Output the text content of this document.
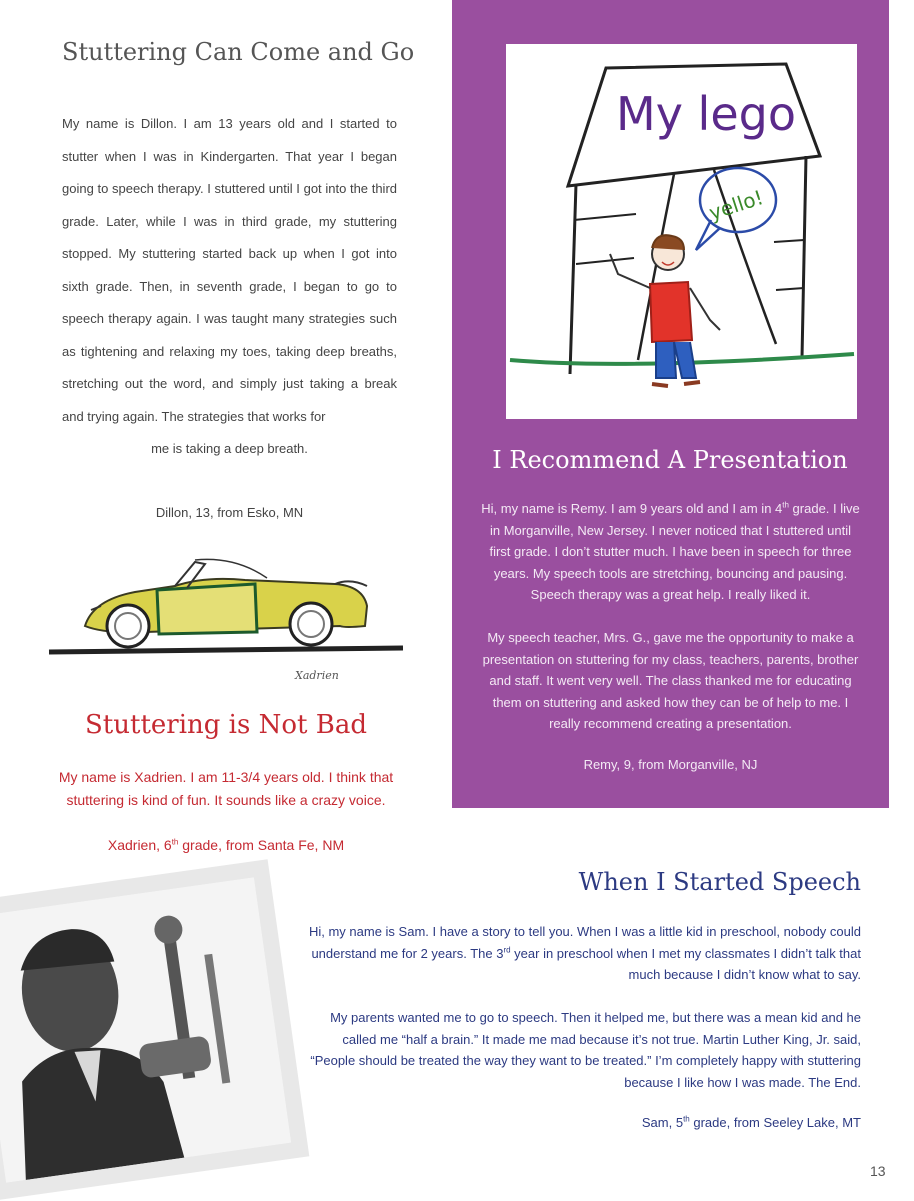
Stuttering Can Come and Go

My name is Dillon. I am 13 years old and I started to stutter when I was in Kindergarten. That year I began going to speech therapy. I stuttered until I got into the third grade. Later, while I was in third grade, my stuttering stopped. My stuttering started back up when I got into sixth grade. Then, in seventh grade, I began to go to speech therapy again. I was taught many strategies such as tightening and relaxing my toes, taking deep breaths, stretching out the word, and simply just taking a break and trying again. The strategies that works for
me is taking a deep breath.

Dillon, 13, from Esko, MN
Xadrien
Stuttering is Not Bad

My name is Xadrien. I am 11-3/4 years old. I think that stuttering is kind of fun. It sounds like a crazy voice.

Xadrien, 6th grade, from Santa Fe, NM
My lego
yello!
I Recommend A Presentation

Hi, my name is Remy. I am 9 years old and I am in 4th grade. I live in Morganville, New Jersey. I never noticed that I stuttered until first grade. I don’t stutter much. I have been in speech for three years. My speech tools are stretching, bouncing and pausing. Speech therapy was a great help. I really liked it.

My speech teacher, Mrs. G., gave me the opportunity to make a presentation on stuttering for my class, teachers, parents, brother and staff. It went very well. The class thanked me for educating them on stuttering and asked how they can be of help to me. I really recommend creating a presentation.

Remy, 9, from Morganville, NJ
When I Started Speech

Hi, my name is Sam. I have a story to tell you. When I was a little kid in preschool, nobody could understand me for 2 years. The 3rd year in preschool when I met my classmates I didn’t talk that much because I didn’t know what to say.

My parents wanted me to go to speech. Then it helped me, but there was a mean kid and he called me “half a brain.” It made me mad because it’s not true. Martin Luther King, Jr. said, “People should be treated the way they want to be treated.” I’m completely happy with stuttering because I like how I was made. The End.

Sam, 5th grade, from Seeley Lake, MT
13
